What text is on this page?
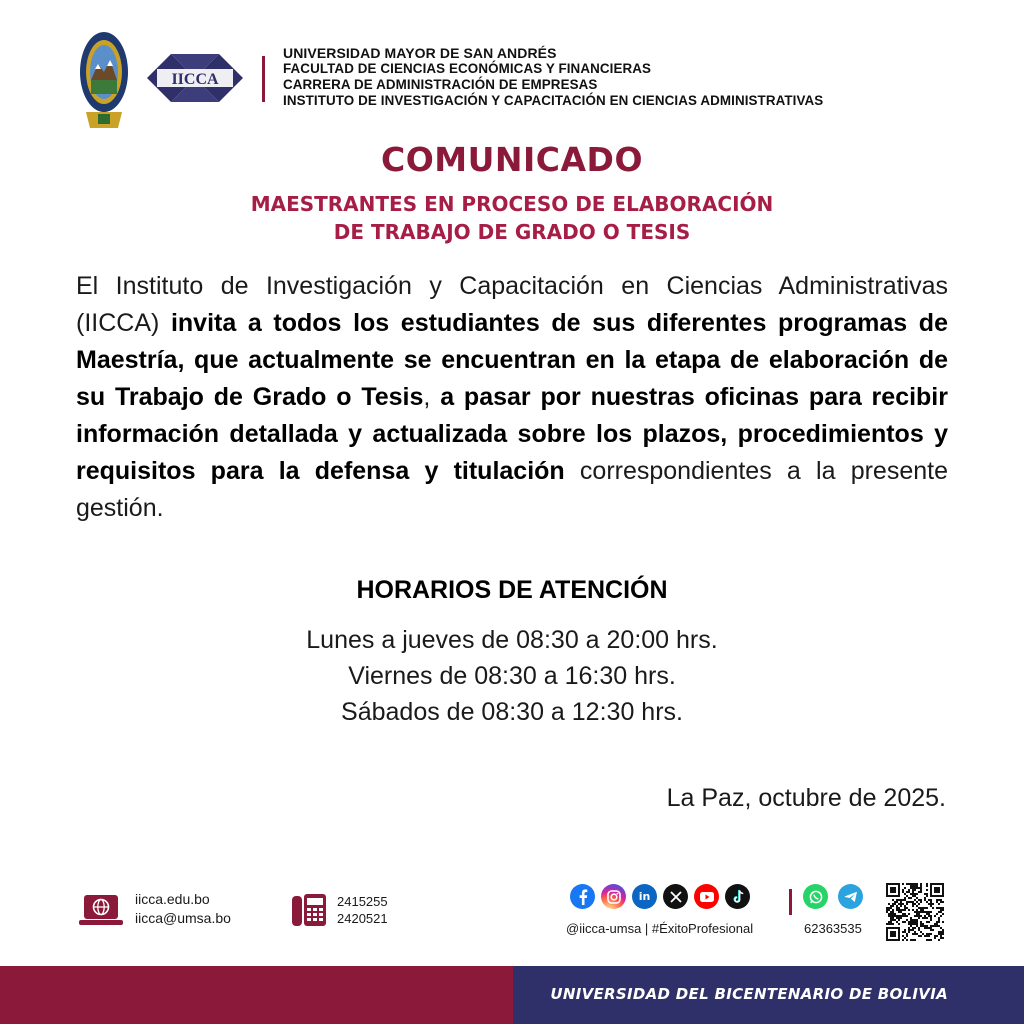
IICCA
UNIVERSIDAD MAYOR DE SAN ANDRÉS
FACULTAD DE CIENCIAS ECONÓMICAS Y FINANCIERAS
CARRERA DE ADMINISTRACIÓN DE EMPRESAS
INSTITUTO DE INVESTIGACIÓN Y CAPACITACIÓN EN CIENCIAS ADMINISTRATIVAS
COMUNICADO
MAESTRANTES EN PROCESO DE ELABORACIÓN
DE TRABAJO DE GRADO O TESIS

El Instituto de Investigación y Capacitación en Ciencias Administrativas (IICCA) invita a todos los estudiantes de sus diferentes programas de Maestría, que actualmente se encuentran en la etapa de elaboración de su Trabajo de Grado o Tesis, a pasar por nuestras oficinas para recibir información detallada y actualizada sobre los plazos, procedimientos y requisitos para la defensa y titulación correspondientes a la presente gestión.

HORARIOS DE ATENCIÓN
Lunes a jueves de 08:30 a 20:00 hrs.
Viernes de 08:30 a 16:30 hrs.
Sábados de 08:30 a 12:30 hrs.
La Paz, octubre de 2025.
iicca.edu.bo
iicca@umsa.bo
2415255
2420521
in
@iicca-umsa | #ÉxitoProfesional	62363535
UNIVERSIDAD DEL BICENTENARIO DE BOLIVIA
